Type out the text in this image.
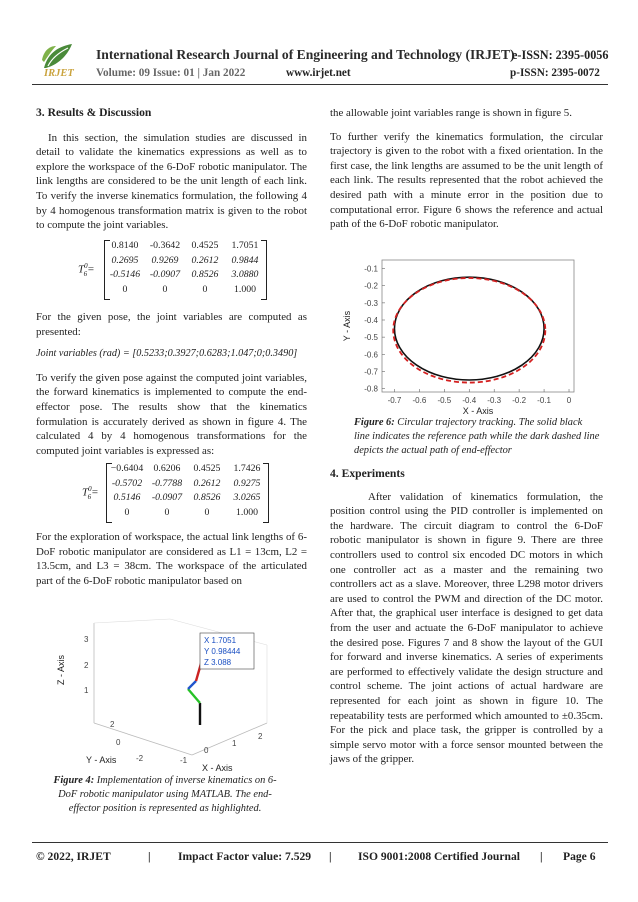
IRJET
International Research Journal of Engineering and Technology (IRJET)
e-ISSN: 2395-0056
Volume: 09 Issue: 01 | Jan 2022	www.irjet.net	p-ISSN: 2395-0072

3. Results & Discussion

In this section, the simulation studies are discussed in detail to validate the kinematics expressions as well as to explore the workspace of the 6-DoF robotic manipulator. The link lengths are considered to be the unit length of each link. To verify the inverse kinematics formulation, the following 4 by 4 homogenous transformation matrix is given to the robot to compute the joint variables.

$T^0_6=$
0.8140	-0.3642	0.4525	1.7051
0.2695	0.9269	0.2612	0.9844
-0.5146 -0.0907	0.8526	3.0880
0	0	0	1.000

For the given pose, the joint variables are computed as presented:

Joint variables (rad) = [0.5233;0.3927;0.6283;1.047;0;0.3490]

To verify the given pose against the computed joint variables, the forward kinematics is implemented to compute the end-effector pose. The results show that the kinematics formulation is accurately derived as shown in figure 4. The calculated 4 by 4 homogenous transformations for the computed joint variables is expressed as:

$T^0_6=$
−0.6404	0.6206	0.4525	1.7426
-0.5702 -0.7788	0.2612	0.9275
0.5146	-0.0907	0.8526	3.0265
0	0	0	1.000

For the exploration of workspace, the actual link lengths of 6-DoF robotic manipulator are considered as L1 = 13cm, L2 = 13.5cm, and L3 = 38cm. The workspace of the articulated part of the 6-DoF robotic manipulator based on

3
2
1
Z - Axis
2
0
-2
Y - Axis	-1
0
1
2
X - Axis
X 1.7051
Y 0.98444
Z 3.088
Figure 4: Implementation of inverse kinematics on 6-DoF robotic manipulator using MATLAB. The end-effector position is represented as highlighted.

the allowable joint variables range is shown in figure 5.

To further verify the kinematics formulation, the circular trajectory is given to the robot with a fixed orientation. In the first case, the link lengths are assumed to be the unit length of each link. The results represented that the robot achieved the desired path with a minute error in the position due to computational error. Figure 6 shows the reference and actual path of the 6-DoF robotic manipulator.

-0.1
-0.2
-0.3
-0.4
-0.5
-0.6
-0.7
-0.8
-0.7 -0.6 -0.5 -0.4 -0.3 -0.2 -0.1 0
X - Axis
Y - Axis
Figure 6: Circular trajectory tracking. The solid black line indicates the reference path while the dark dashed line depicts the actual path of end-effector

4. Experiments

After validation of kinematics formulation, the position control using the PID controller is implemented on the hardware. The circuit diagram to control the 6-DoF robotic manipulator is shown in figure 9. There are three controllers used to control six encoded DC motors in which one controller act as a master and the remaining two controllers act as a slave. Moreover, three L298 motor drivers are used to control the PWM and direction of the DC motor. After that, the graphical user interface is designed to get data from the user and actuate the 6-DoF manipulator to achieve the desired pose. Figures 7 and 8 show the layout of the GUI for forward and inverse kinematics. A series of experiments are performed to effectively validate the design structure and control scheme. The joint actions of actual hardware are represented for each joint as shown in figure 10. The repeatability tests are performed which amounted to ±0.35cm. For the pick and place task, the gripper is controlled by a simple servo motor with a force sensor mounted between the jaws of the gripper.

© 2022, IRJET	| Impact Factor value: 7.529 | ISO 9001:2008 Certified Journal | Page 6
